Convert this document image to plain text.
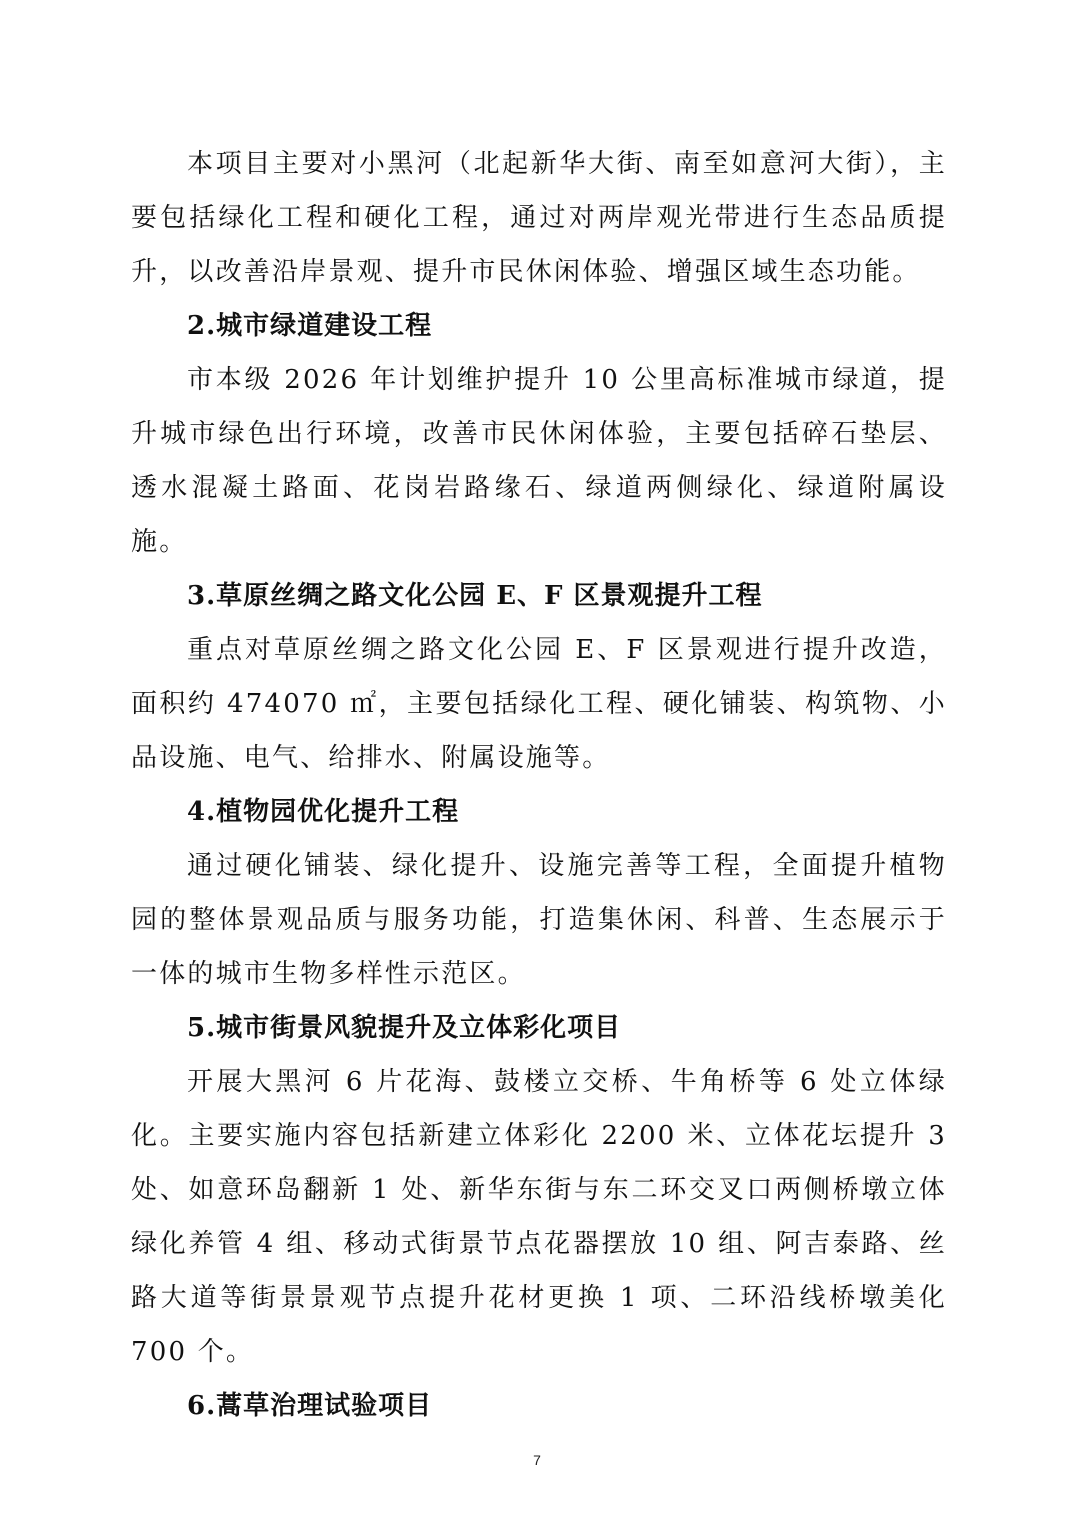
本项目主要对小黑河（北起新华大街、南至如意河大街），主要包括绿化工程和硬化工程，通过对两岸观光带进行生态品质提升，以改善沿岸景观、提升市民休闲体验、增强区域生态功能。

2.城市绿道建设工程

市本级 2026 年计划维护提升 10 公里高标准城市绿道，提升城市绿色出行环境，改善市民休闲体验，主要包括碎石垫层、透水混凝土路面、花岗岩路缘石、绿道两侧绿化、绿道附属设施。

3.草原丝绸之路文化公园 E、F 区景观提升工程

重点对草原丝绸之路文化公园 E、F 区景观进行提升改造，面积约 474070 ㎡，主要包括绿化工程、硬化铺装、构筑物、小品设施、电气、给排水、附属设施等。

4.植物园优化提升工程

通过硬化铺装、绿化提升、设施完善等工程，全面提升植物园的整体景观品质与服务功能，打造集休闲、科普、生态展示于一体的城市生物多样性示范区。

5.城市街景风貌提升及立体彩化项目

开展大黑河 6 片花海、鼓楼立交桥、牛角桥等 6 处立体绿化。主要实施内容包括新建立体彩化 2200 米、立体花坛提升 3 处、如意环岛翻新 1 处、新华东街与东二环交叉口两侧桥墩立体绿化养管 4 组、移动式街景节点花器摆放 10 组、阿吉泰路、丝路大道等街景景观节点提升花材更换 1 项、二环沿线桥墩美化 700 个。

6.蒿草治理试验项目

7
